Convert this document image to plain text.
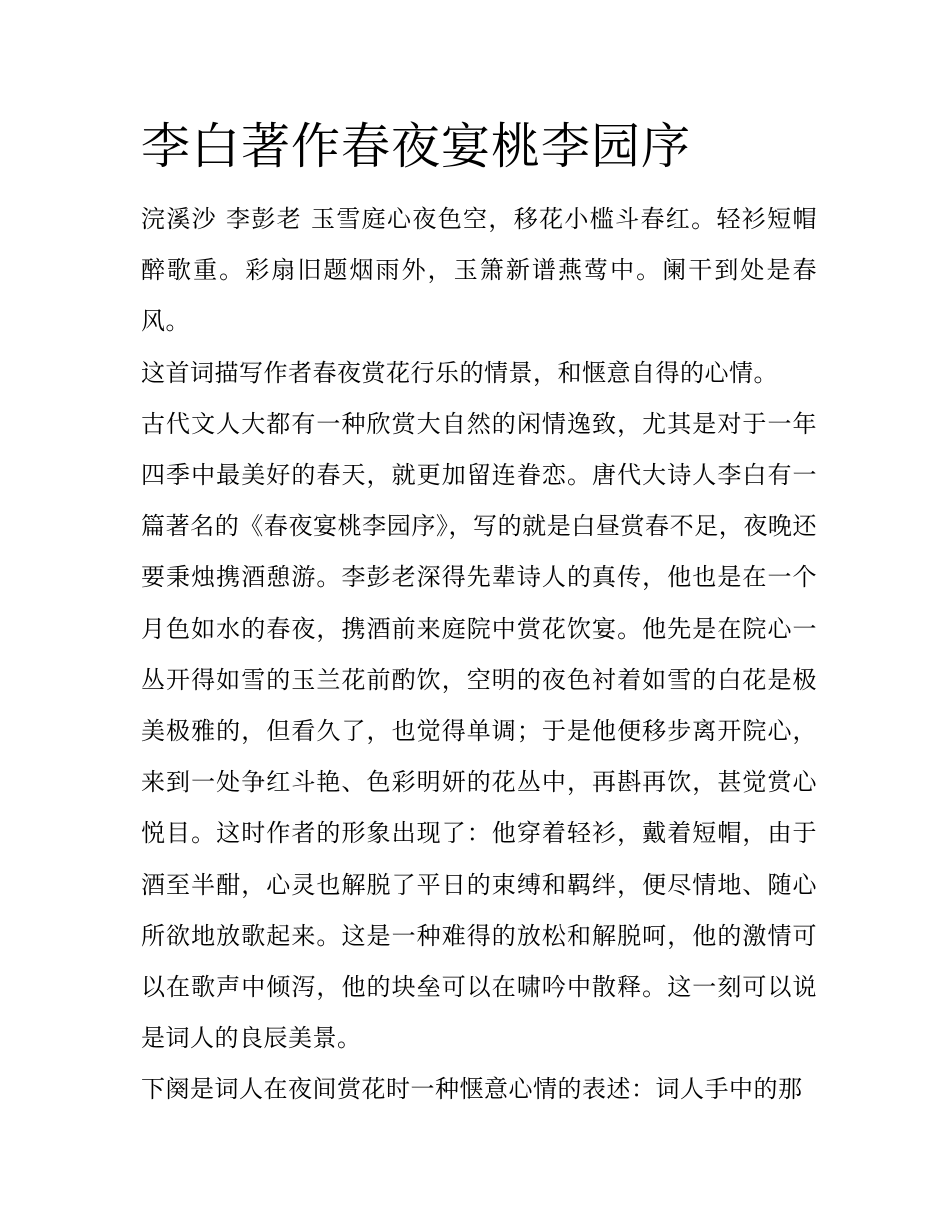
李白著作春夜宴桃李园序

浣溪沙 李彭老 玉雪庭心夜色空，移花小槛斗春红。轻衫短帽醉歌重。彩扇旧题烟雨外，玉箫新谱燕莺中。阑干到处是春风。

这首词描写作者春夜赏花行乐的情景，和惬意自得的心情。

古代文人大都有一种欣赏大自然的闲情逸致，尤其是对于一年四季中最美好的春天，就更加留连眷恋。唐代大诗人李白有一篇著名的《春夜宴桃李园序》，写的就是白昼赏春不足，夜晚还要秉烛携酒憩游。李彭老深得先辈诗人的真传，他也是在一个月色如水的春夜，携酒前来庭院中赏花饮宴。他先是在院心一丛开得如雪的玉兰花前酌饮，空明的夜色衬着如雪的白花是极美极雅的，但看久了，也觉得单调；于是他便移步离开院心，来到一处争红斗艳、色彩明妍的花丛中，再斟再饮，甚觉赏心悦目。这时作者的形象出现了：他穿着轻衫，戴着短帽，由于酒至半酣，心灵也解脱了平日的束缚和羁绊，便尽情地、随心所欲地放歌起来。这是一种难得的放松和解脱呵，他的激情可以在歌声中倾泻，他的块垒可以在啸吟中散释。这一刻可以说是词人的良辰美景。

下阕是词人在夜间赏花时一种惬意心情的表述：词人手中的那
